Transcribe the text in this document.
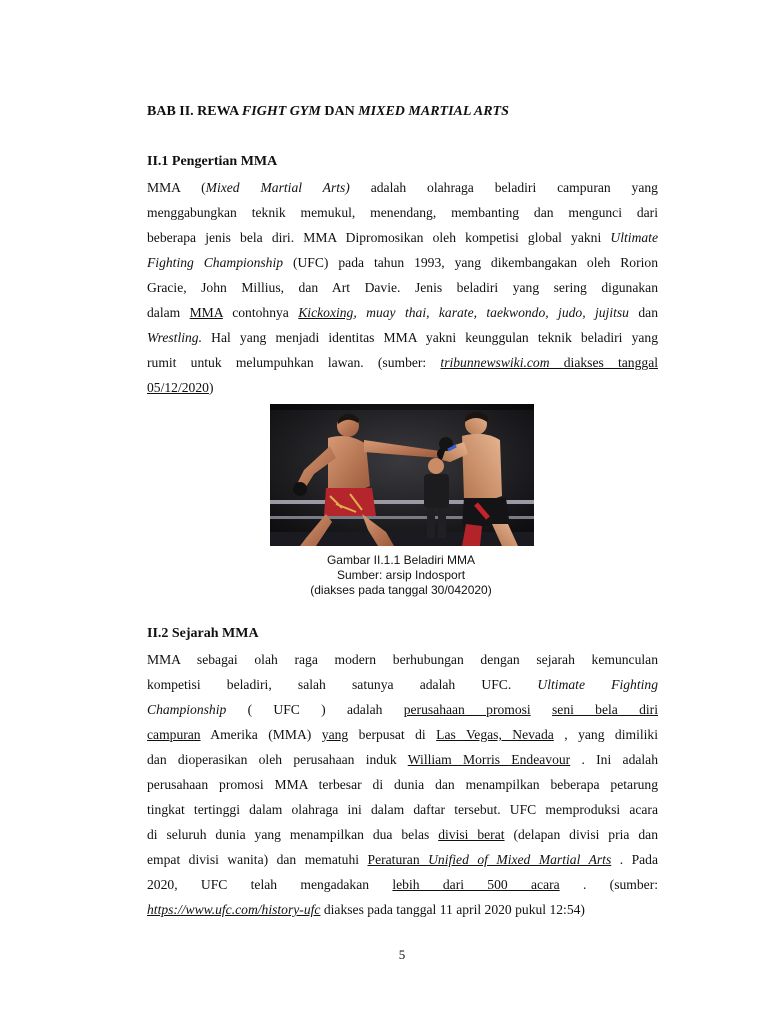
BAB II. REWA FIGHT GYM DAN MIXED MARTIAL ARTS
II.1 Pengertian MMA
MMA (Mixed Martial Arts) adalah olahraga beladiri campuran yang
menggabungkan teknik memukul, menendang, membanting dan mengunci dari
beberapa jenis bela diri. MMA Dipromosikan oleh kompetisi global yakni Ultimate
Fighting Championship (UFC) pada tahun 1993, yang dikembangakan oleh Rorion
Gracie, John Millius, dan Art Davie. Jenis beladiri yang sering digunakan
dalam MMA contohnya Kickoxing, muay thai, karate, taekwondo, judo, jujitsu dan
Wrestling. Hal yang menjadi identitas MMA yakni keunggulan teknik beladiri yang
rumit untuk melumpuhkan lawan. (sumber: tribunnewswiki.com diakses tanggal
05/12/2020)
Gambar II.1.1 Beladiri MMA
Sumber: arsip Indosport
(diakses pada tanggal 30/042020)
II.2 Sejarah MMA
MMA sebagai olah raga modern berhubungan dengan sejarah kemunculan
kompetisi beladiri, salah satunya adalah UFC. Ultimate Fighting
Championship ( UFC ) adalah perusahaan promosi seni bela diri
campuran Amerika (MMA) yang berpusat di Las Vegas, Nevada , yang dimiliki
dan dioperasikan oleh perusahaan induk William Morris Endeavour . Ini adalah
perusahaan promosi MMA terbesar di dunia dan menampilkan beberapa petarung
tingkat tertinggi dalam olahraga ini dalam daftar tersebut. UFC memproduksi acara
di seluruh dunia yang menampilkan dua belas divisi berat (delapan divisi pria dan
empat divisi wanita) dan mematuhi Peraturan Unified of Mixed Martial Arts . Pada
2020, UFC telah mengadakan lebih dari 500 acara . (sumber:
https://www.ufc.com/history-ufc diakses pada tanggal 11 april 2020 pukul 12:54)
5
